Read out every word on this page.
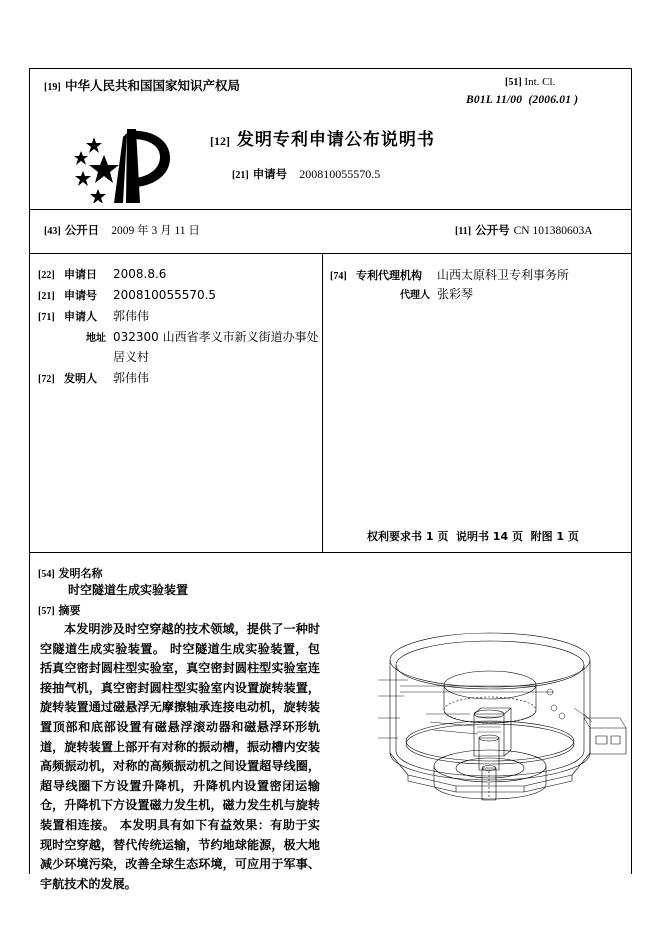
[19] 中华人民共和国国家知识产权局	[51] Int. Cl.
B01L 11/00  (2006.01 )
[12] 发明专利申请公布说明书
[21] 申请号 200810055570.5
[43] 公开日 2009 年 3 月 11 日	[11] 公开号 CN 101380603A
[22] 申请日 2008.8.6
[21] 申请号 200810055570.5
[71] 申请人 郭伟伟
地址 032300 山西省孝义市新义街道办事处
居义村
[72] 发明人 郭伟伟
[74] 专利代理机构 山西太原科卫专利事务所
代理人 张彩琴
权利要求书 1 页  说明书 14 页  附图 1 页
[54] 发明名称
时空隧道生成实验装置
[57] 摘要
本发明涉及时空穿越的技术领域，提供了一种时空隧道生成实验装置。 时空隧道生成实验装置，包括真空密封圆柱型实验室，真空密封圆柱型实验室连接抽气机，真空密封圆柱型实验室内设置旋转装置，旋转装置通过磁悬浮无摩擦轴承连接电动机，旋转装置顶部和底部设置有磁悬浮滚动器和磁悬浮环形轨道，旋转装置上部开有对称的振动槽，振动槽内安装高频振动机，对称的高频振动机之间设置超导线圈，超导线圈下方设置升降机，升降机内设置密闭运输仓，升降机下方设置磁力发生机，磁力发生机与旋转装置相连接。 本发明具有如下有益效果：有助于实现时空穿越，替代传统运输，节约地球能源，极大地减少环境污染，改善全球生态环境，可应用于军事、宇航技术的发展。
